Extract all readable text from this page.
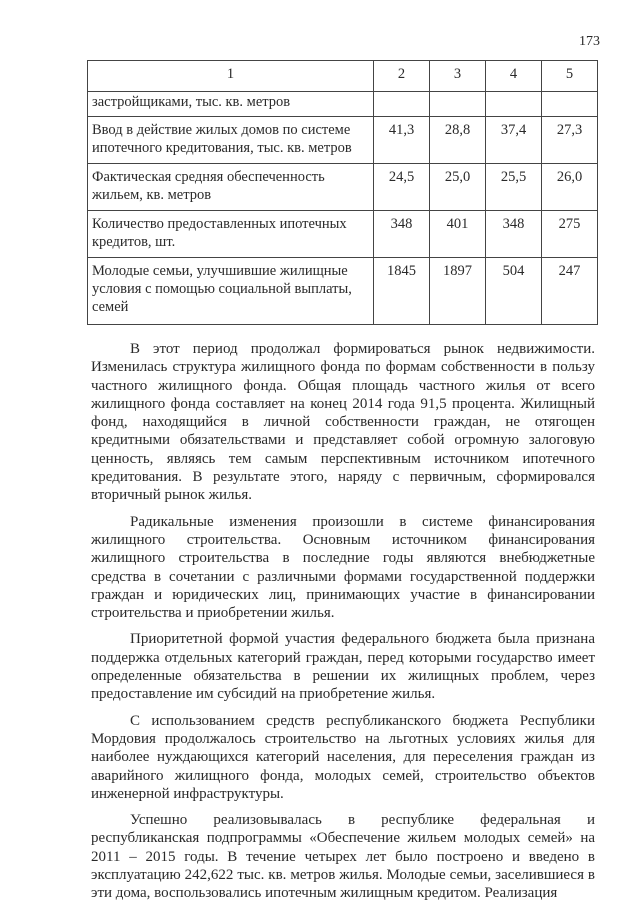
173
1	2	3	4	5
застройщиками, тыс. кв. метров				
Ввод в действие жилых домов по системе ипотечного кредитования, тыс. кв. метров	41,3	28,8	37,4	27,3
Фактическая средняя обеспеченность жильем, кв. метров	24,5	25,0	25,5	26,0
Количество предоставленных ипотечных кредитов, шт.	348	401	348	275
Молодые семьи, улучшившие жилищные условия с помощью социальной выплаты, семей	1845	1897	504	247

В этот период продолжал формироваться рынок недвижимости. Изменилась структура жилищного фонда по формам собственности в пользу частного жилищного фонда. Общая площадь частного жилья от всего жилищного фонда составляет на конец 2014 года 91,5 процента. Жилищный фонд, находящийся в личной собственности граждан, не отягощен кредитными обязательствами и представляет собой огромную залоговую ценность, являясь тем самым перспективным источником ипотечного кредитования. В результате этого, наряду с первичным, сформировался вторичный рынок жилья.

Радикальные изменения произошли в системе финансирования жилищного строительства. Основным источником финансирования жилищного строительства в последние годы являются внебюджетные средства в сочетании с различными формами государственной поддержки граждан и юридических лиц, принимающих участие в финансировании строительства и приобретении жилья.

Приоритетной формой участия федерального бюджета была признана поддержка отдельных категорий граждан, перед которыми государство имеет определенные обязательства в решении их жилищных проблем, через предоставление им субсидий на приобретение жилья.

С использованием средств республиканского бюджета Республики Мордовия продолжалось строительство на льготных условиях жилья для наиболее нуждающихся категорий населения, для переселения граждан из аварийного жилищного фонда, молодых семей, строительство объектов инженерной инфраструктуры.

Успешно реализовывалась в республике федеральная и республиканская подпрограммы «Обеспечение жильем молодых семей» на 2011 – 2015 годы. В течение четырех лет было построено и введено в эксплуатацию 242,622 тыс. кв. метров жилья. Молодые семьи, заселившиеся в эти дома, воспользовались ипотечным жилищным кредитом. Реализация
